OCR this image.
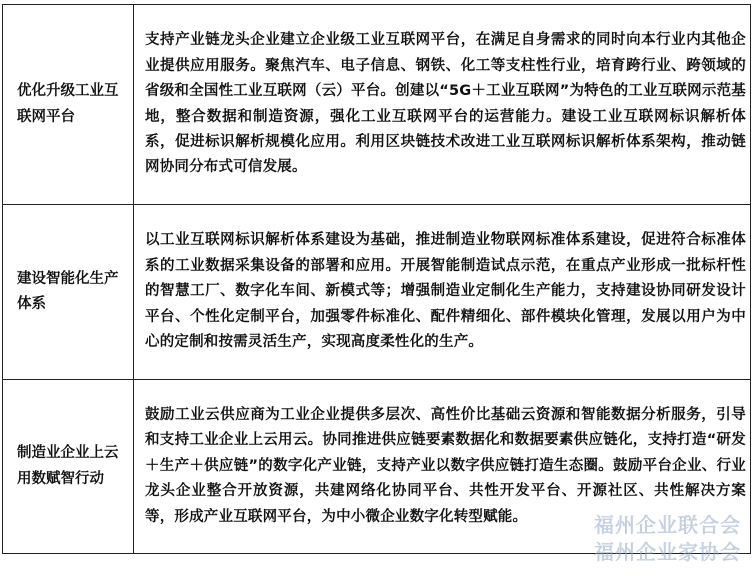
优化升级工业互联网平台	支持产业链龙头企业建立企业级工业互联网平台，在满足自身需求的同时向本行业内其他企业提供应用服务。聚焦汽车、电子信息、钢铁、化工等支柱性行业，培育跨行业、跨领域的省级和全国性工业互联网（云）平台。创建以“5G＋工业互联网”为特色的工业互联网示范基地，整合数据和制造资源，强化工业互联网平台的运营能力。建设工业互联网标识解析体系，促进标识解析规模化应用。利用区块链技术改进工业互联网标识解析体系架构，推动链网协同分布式可信发展。
建设智能化生产体系	以工业互联网标识解析体系建设为基础，推进制造业物联网标准体系建设，促进符合标准体系的工业数据采集设备的部署和应用。开展智能制造试点示范，在重点产业形成一批标杆性的智慧工厂、数字化车间、新模式等；增强制造业定制化生产能力，支持建设协同研发设计平台、个性化定制平台，加强零件标准化、配件精细化、部件模块化管理，发展以用户为中心的定制和按需灵活生产，实现高度柔性化的生产。
制造业企业上云用数赋智行动	鼓励工业云供应商为工业企业提供多层次、高性价比基础云资源和智能数据分析服务，引导和支持工业企业上云用云。协同推进供应链要素数据化和数据要素供应链化，支持打造“研发＋生产＋供应链”的数字化产业链，支持产业以数字供应链打造生态圈。鼓励平台企业、行业龙头企业整合开放资源，共建网络化协同平台、共性开发平台、开源社区、共性解决方案等，形成产业互联网平台，为中小微企业数字化转型赋能。	福州企业联合会
福州企业家协会
